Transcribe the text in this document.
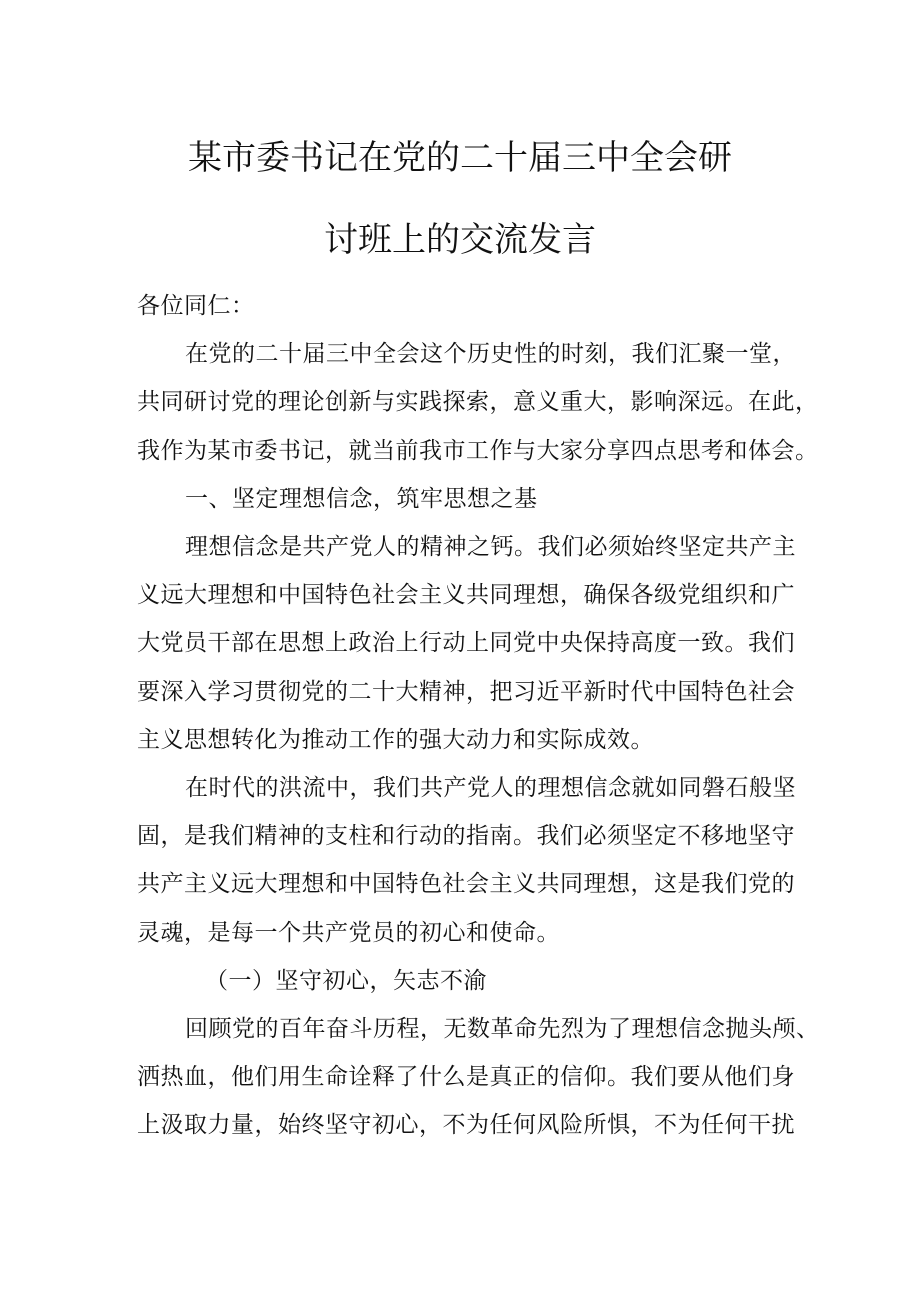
某市委书记在党的二十届三中全会研
讨班上的交流发言

各位同仁：

在党的二十届三中全会这个历史性的时刻，我们汇聚一堂，

共同研讨党的理论创新与实践探索，意义重大，影响深远。在此，

我作为某市委书记，就当前我市工作与大家分享四点思考和体会。

一、坚定理想信念，筑牢思想之基

理想信念是共产党人的精神之钙。我们必须始终坚定共产主

义远大理想和中国特色社会主义共同理想，确保各级党组织和广

大党员干部在思想上政治上行动上同党中央保持高度一致。我们

要深入学习贯彻党的二十大精神，把习近平新时代中国特色社会

主义思想转化为推动工作的强大动力和实际成效。

在时代的洪流中，我们共产党人的理想信念就如同磐石般坚

固，是我们精神的支柱和行动的指南。我们必须坚定不移地坚守

共产主义远大理想和中国特色社会主义共同理想，这是我们党的

灵魂，是每一个共产党员的初心和使命。

（一）坚守初心，矢志不渝

回顾党的百年奋斗历程，无数革命先烈为了理想信念抛头颅、

洒热血，他们用生命诠释了什么是真正的信仰。我们要从他们身

上汲取力量，始终坚守初心，不为任何风险所惧，不为任何干扰
